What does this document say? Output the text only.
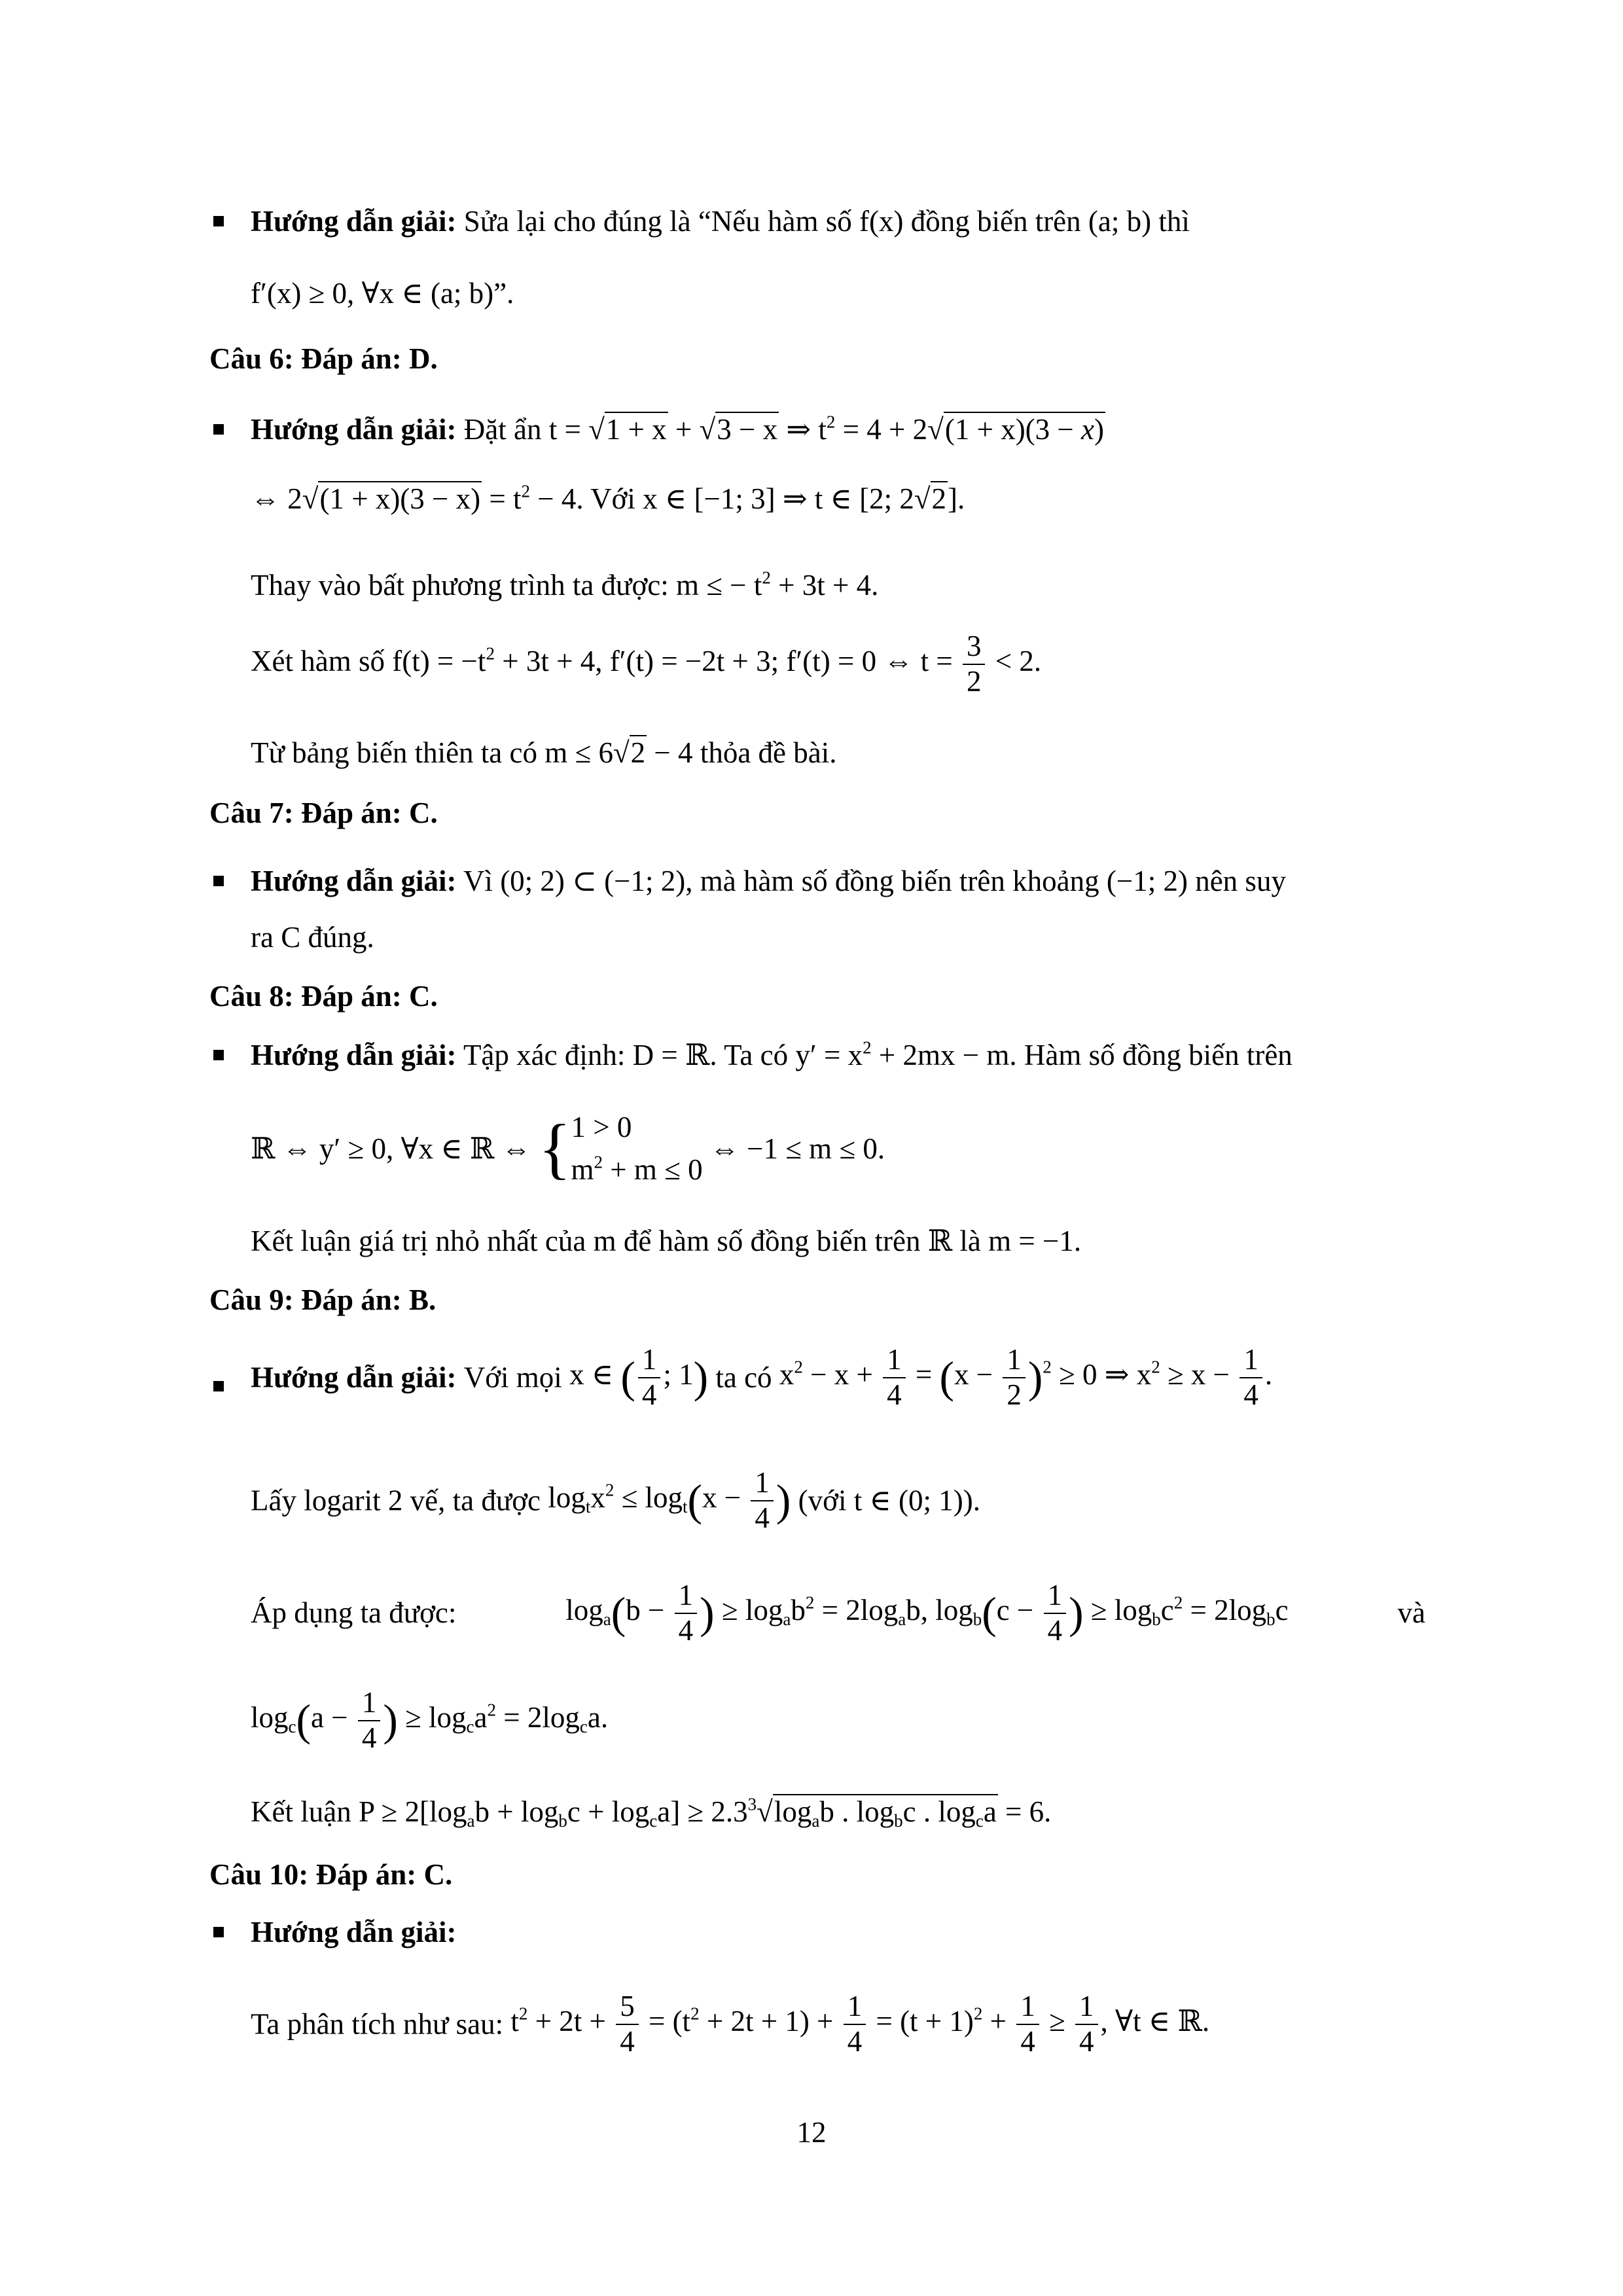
Hướng dẫn giải: Sửa lại cho đúng là “Nếu hàm số f(x) đồng biến trên (a; b) thì
f′(x) ≥ 0, ∀x ∈ (a; b)”.
Câu 6: Đáp án: D.
Hướng dẫn giải: Đặt ẩn t = √1 + x + √3 − x ⇒ $t^2 = 4 + 2√(1 + x)(3 - x)$
⇔ $2√(1 + x)(3 - x) = t^2 - 4$. Với x ∈ [−1; 3] ⇒ t ∈ [2; 2√2].
Thay vào bất phương trình ta được: m ≤ − $t^2 + 3t + 4$.
Xét hàm số $f(t) = -t^2 + 3t + 4$, f′(t) = −2t + 3; f′(t) = 0 ⇔ $t = \frac{3}{2} < 2$.
Từ bảng biến thiên ta có m ≤ 6√2 − 4 thỏa đề bài.
Câu 7: Đáp án: C.
Hướng dẫn giải: Vì (0; 2) ⊂ (−1; 2), mà hàm số đồng biến trên khoảng (−1; 2) nên suy
ra C đúng.
Câu 8: Đáp án: C.
Hướng dẫn giải: Tập xác định: D = ℝ. Ta có $y' = x^2 + 2mx - m$. Hàm số đồng biến trên
ℝ ⇔ y′ ≥ 0, ∀x ∈ ℝ ⇔ { 1 > 0
$m^2 + m \le 0$
⇔ −1 ≤ m ≤ 0.
Kết luận giá trị nhỏ nhất của m để hàm số đồng biến trên ℝ là m = −1.
Câu 9: Đáp án: B.
Hướng dẫn giải: Với mọi x ∈ ( $\frac{1}{4}$ ; 1) ta có $x^2 - x + \frac{1}{4} = (x - \frac{1}{2} )^2 \ge 0$ ⇒ $x^2 \ge x - \frac{1}{4}$ .
Lấy logarit 2 vế, ta được $\log_tx^2 \le \log_t(x - \frac{1}{4}$ ) (với t ∈ (0; 1)).
Áp dụng ta được:	$\log_a(b - \frac{1}{4}$ ) ≥ $\log_ab^2 = 2\log_ab$, $\log_b(c - \frac{1}{4}$ ) ≥ $\log_bc^2 = 2\log_bc$	và
$\log_c(a - \frac{1}{4}$ ) ≥ $\log_ca^2 = 2\log_ca$.
Kết luận $P \ge 2[\log_ab + \log_bc + \log_ca] \ge 2.3^3√\log_ab$ . $\log_bc$ . $\log_ca = 6$.
Câu 10: Đáp án: C.
Hướng dẫn giải:
Ta phân tích như sau: $t^2 + 2t + \frac{5}{4} = (t^2 + 2t + 1) + \frac{1}{4} = (t + 1)^2 + \frac{1}{4} \ge \frac{1}{4}$ , ∀t ∈ ℝ.
12
